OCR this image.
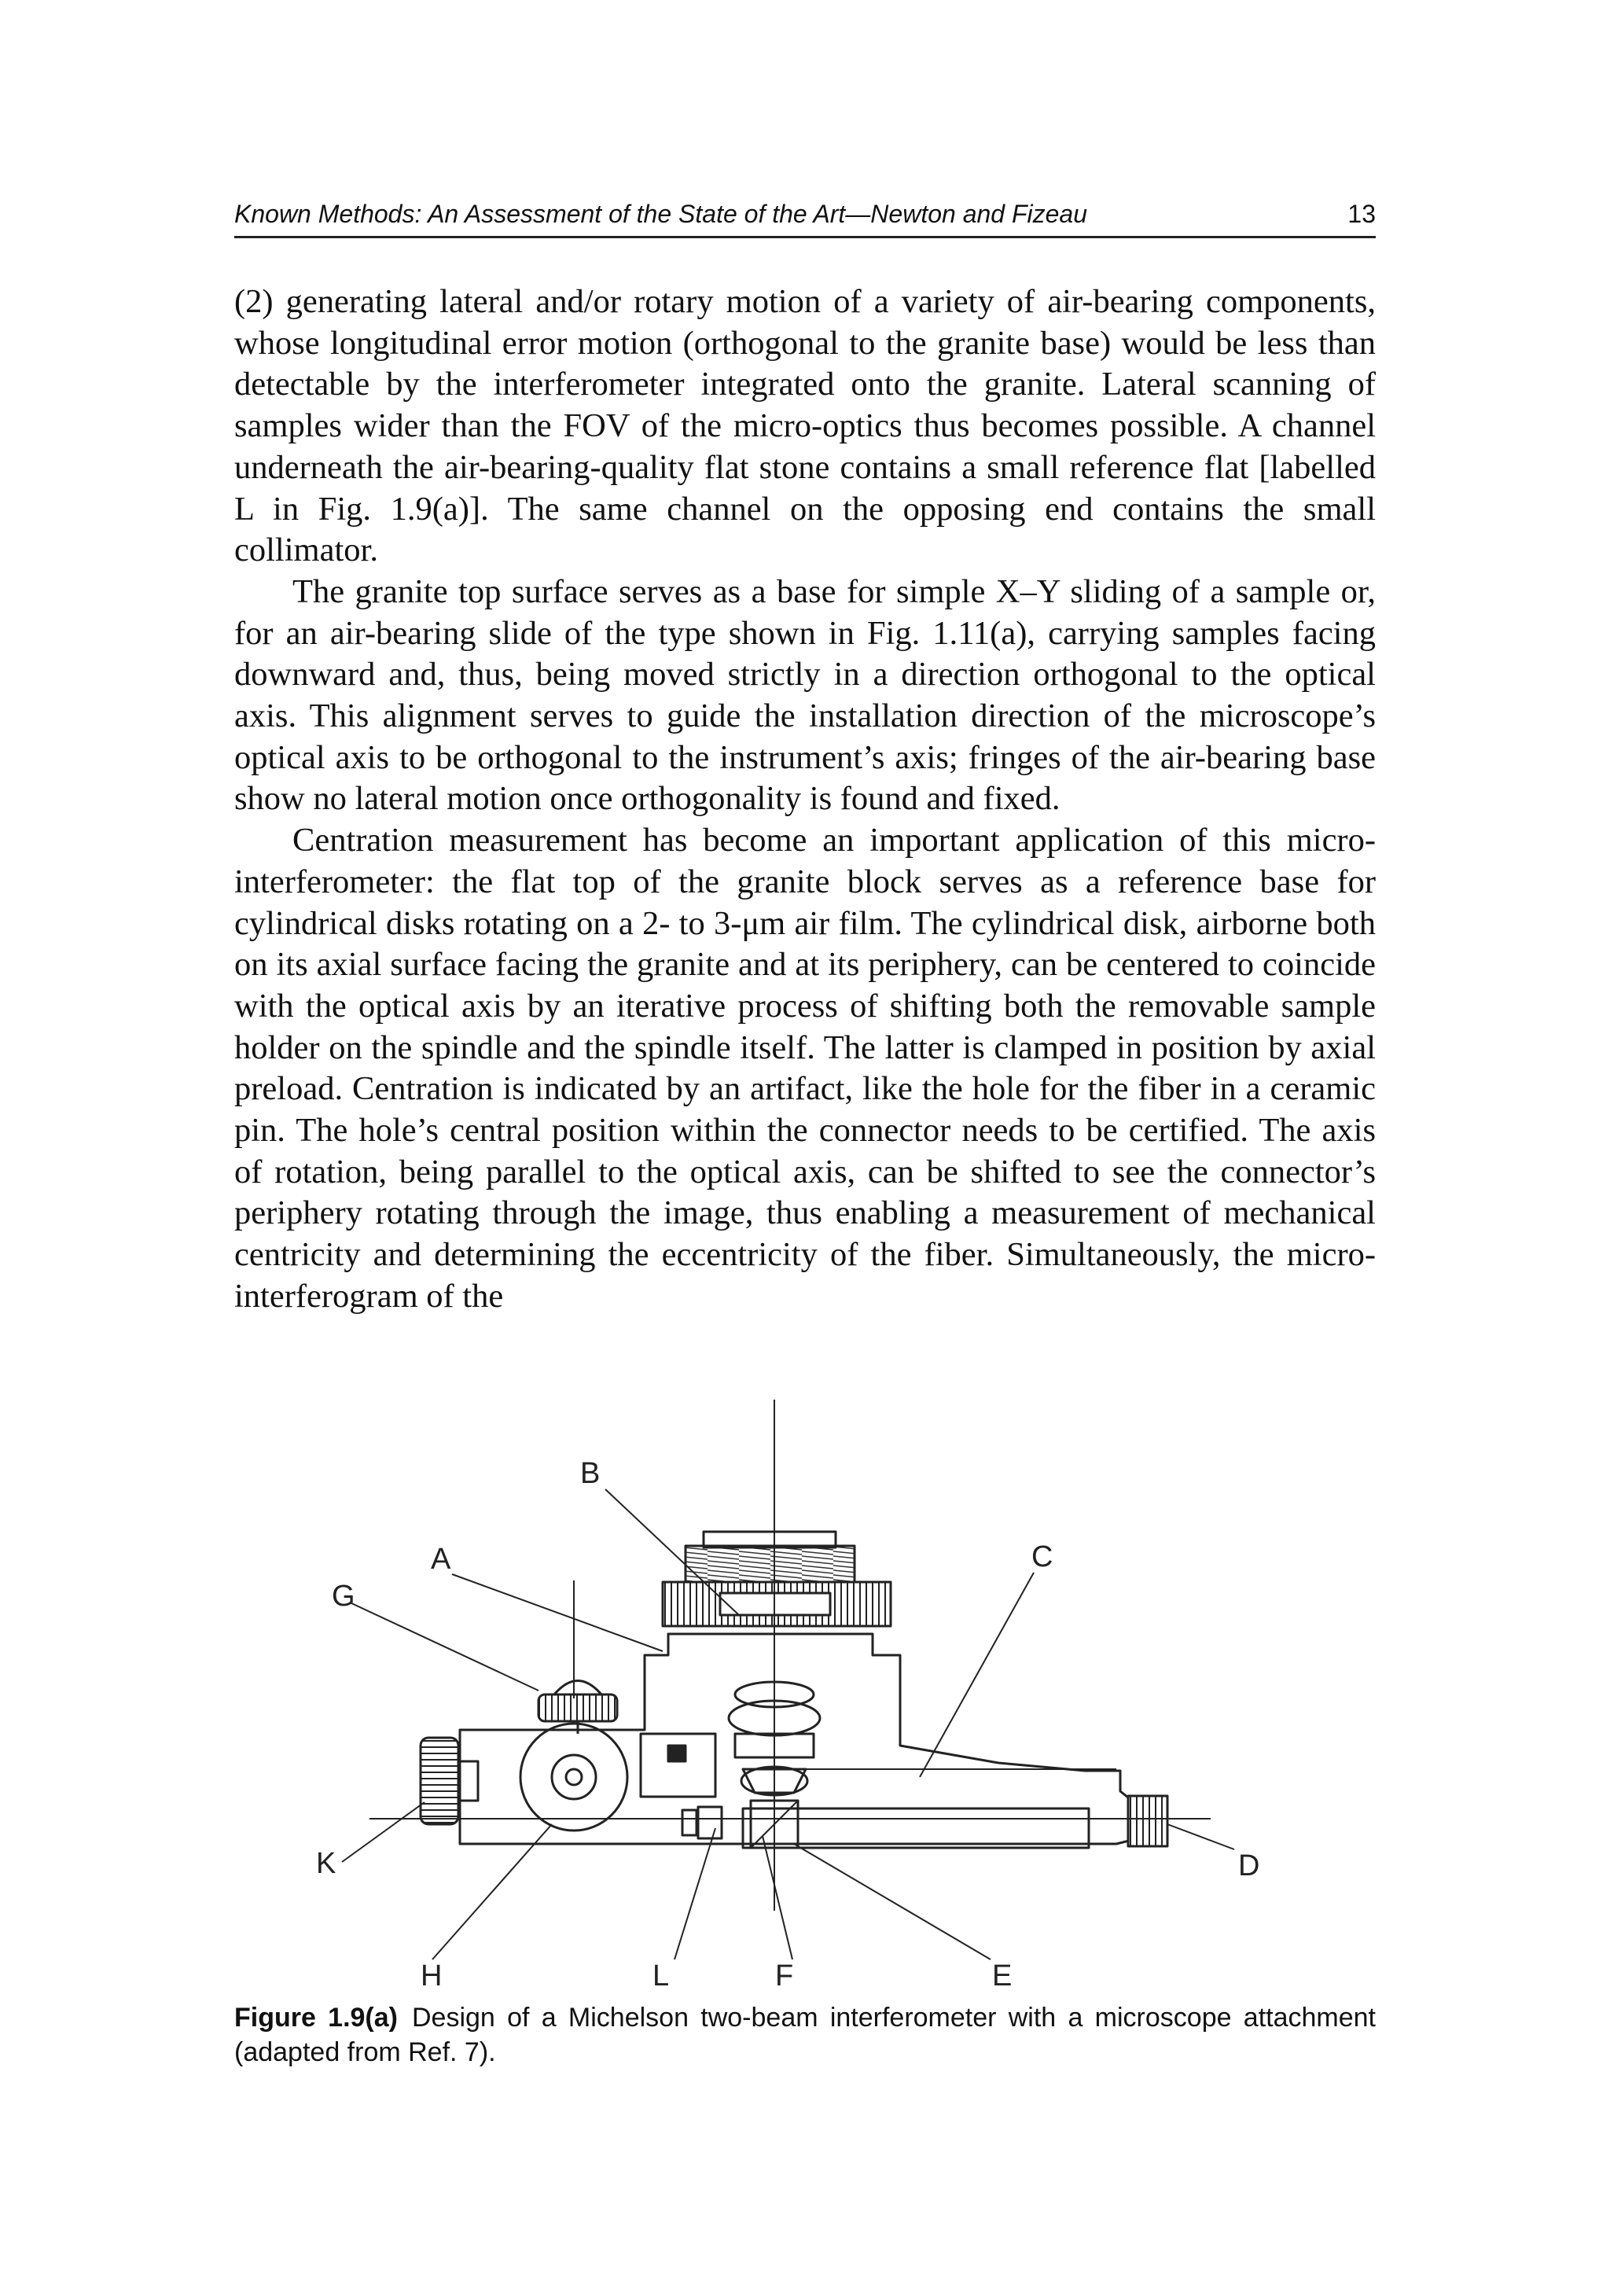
Known Methods: An Assessment of the State of the Art—Newton and Fizeau	13

(2) generating lateral and/or rotary motion of a variety of air-bearing components, whose longitudinal error motion (orthogonal to the granite base) would be less than detectable by the interferometer integrated onto the granite. Lateral scanning of samples wider than the FOV of the micro-optics thus becomes possible. A channel underneath the air-bearing-quality flat stone contains a small reference flat [labelled L in Fig. 1.9(a)]. The same channel on the opposing end contains the small collimator.

The granite top surface serves as a base for simple X–Y sliding of a sample or, for an air-bearing slide of the type shown in Fig. 1.11(a), carrying samples facing downward and, thus, being moved strictly in a direction orthogonal to the optical axis. This alignment serves to guide the installation direction of the microscope’s optical axis to be orthogonal to the instrument’s axis; fringes of the air-bearing base show no lateral motion once orthogonality is found and fixed.

Centration measurement has become an important application of this micro-interferometer: the flat top of the granite block serves as a reference base for cylindrical disks rotating on a 2- to 3-μm air film. The cylindrical disk, airborne both on its axial surface facing the granite and at its periphery, can be centered to coincide with the optical axis by an iterative process of shifting both the removable sample holder on the spindle and the spindle itself. The latter is clamped in position by axial preload. Centration is indicated by an artifact, like the hole for the fiber in a ceramic pin. The hole’s central position within the connector needs to be certified. The axis of rotation, being parallel to the optical axis, can be shifted to see the connector’s periphery rotating through the image, thus enabling a measurement of mechanical centricity and determining the eccentricity of the fiber. Simultaneously, the micro-interferogram of the

A
B
C
D
E
F
G
H
K
L
Figure 1.9(a) Design of a Michelson two-beam interferometer with a microscope attachment (adapted from Ref. 7).
